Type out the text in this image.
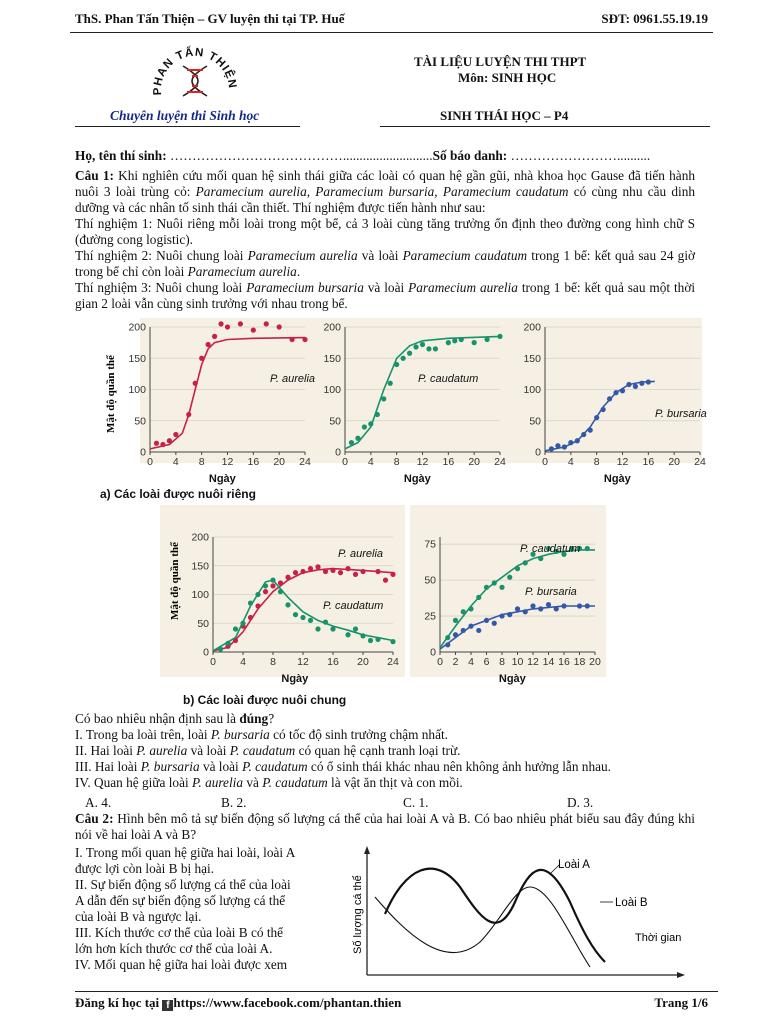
ThS. Phan Tấn Thiện – GV luyện thi tại TP. Huế	SĐT: 0961.55.19.19
PHAN TẤN THIỆN
Chuyên luyện thi Sinh học
TÀI LIỆU LUYỆN THI THPT
Môn: SINH HỌC
SINH THÁI HỌC – P4
Họ, tên thí sinh: …………………………………...........................Số báo danh: ……………………..........

Câu 1: Khi nghiên cứu mối quan hệ sinh thái giữa các loài có quan hệ gần gũi, nhà khoa học Gause đã tiến hành nuôi 3 loài trùng cỏ: Paramecium aurelia, Paramecium bursaria, Paramecium caudatum có cùng nhu cầu dinh dưỡng và các nhân tố sinh thái cần thiết. Thí nghiệm được tiến hành như sau:

Thí nghiệm 1: Nuôi riêng mỗi loài trong một bể, cả 3 loài cùng tăng trưởng ổn định theo đường cong hình chữ S (đường cong logistic).

Thí nghiệm 2: Nuôi chung loài Paramecium aurelia và loài Paramecium caudatum trong 1 bể: kết quả sau 24 giờ trong bể chỉ còn loài Paramecium aurelia.

Thí nghiệm 3: Nuôi chung loài Paramecium bursaria và loài Paramecium aurelia trong 1 bể: kết quả sau một thời gian 2 loài vẫn cùng sinh trưởng với nhau trong bể.

Mật độ quần thể
0
50
100
150
200
0 4 8 12 16 20 24
Ngày
P. aurelia
0
50
100
150
200
0 4 8 12 16 20 24
Ngày
P. caudatum
0
50
100
150
200
0 4 8 12 16 20 24
Ngày
P. bursaria
a) Các loài được nuôi riêng
Mật độ quần thể
0
50
100
150
200
0 4 8 12 16 20 24
Ngày
P. aurelia
P. caudatum
0
25
50
75
0 2 4 6 8 10 12 14 16 18 20
Ngày
P. caudatum
P. bursaria
b) Các loài được nuôi chung

Có bao nhiêu nhận định sau là đúng?

I. Trong ba loài trên, loài P. bursaria có tốc độ sinh trưởng chậm nhất.

II. Hai loài P. aurelia và loài P. caudatum có quan hệ cạnh tranh loại trừ.

III. Hai loài P. bursaria và loài P. caudatum có ổ sinh thái khác nhau nên không ảnh hưởng lẫn nhau.

IV. Quan hệ giữa loài P. aurelia và P. caudatum là vật ăn thịt và con mồi.

A. 4.	B. 2.	C. 1.	D. 3.

Câu 2: Hình bên mô tả sự biến động số lượng cá thể của hai loài A và B. Có bao nhiêu phát biểu sau đây đúng khi nói về hai loài A và B?

I. Trong mối quan hệ giữa hai loài, loài A
được lợi còn loài B bị hại.
II. Sự biến động số lượng cá thể của loài
A dẫn đến sự biến động số lượng cá thể
của loài B và ngược lại.
III. Kích thước cơ thể của loài B có thể
lớn hơn kích thước cơ thể của loài A.
IV. Mối quan hệ giữa hai loài được xem
Số lượng cá thể	Thời gian
Loài A
Loài B
Đăng kí học tại f https://www.facebook.com/phantan.thien	Trang 1/6
